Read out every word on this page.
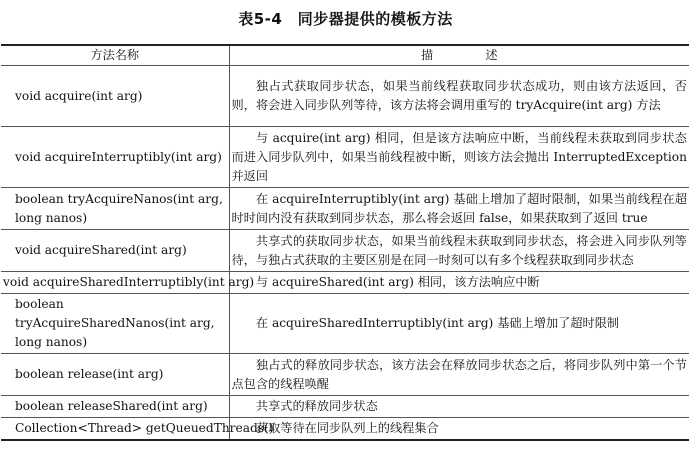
表5-4　同步器提供的模板方法
方法名称	描　述
void acquire(int arg)	独占式获取同步状态，如果当前线程获取同步状态成功，则由该方法返回，否则，将会进入同步队列等待，该方法将会调用重写的 tryAcquire(int arg) 方法
void acquireInterruptibly(int arg)	与 acquire(int arg) 相同，但是该方法响应中断，当前线程未获取到同步状态而进入同步队列中，如果当前线程被中断，则该方法会抛出 InterruptedException 并返回
boolean tryAcquireNanos(int arg, long nanos)	在 acquireInterruptibly(int arg) 基础上增加了超时限制，如果当前线程在超时时间内没有获取到同步状态，那么将会返回 false，如果获取到了返回 true
void acquireShared(int arg)	共享式的获取同步状态，如果当前线程未获取到同步状态，将会进入同步队列等待，与独占式获取的主要区别是在同一时刻可以有多个线程获取到同步状态
void acquireSharedInterruptibly(int arg)	与 acquireShared(int arg) 相同，该方法响应中断
boolean tryAcquireSharedNanos(int arg, long nanos)	在 acquireSharedInterruptibly(int arg) 基础上增加了超时限制
boolean release(int arg)	独占式的释放同步状态，该方法会在释放同步状态之后，将同步队列中第一个节点包含的线程唤醒
boolean releaseShared(int arg)	共享式的释放同步状态
Collection<Thread> getQueuedThreads()	获取等待在同步队列上的线程集合
